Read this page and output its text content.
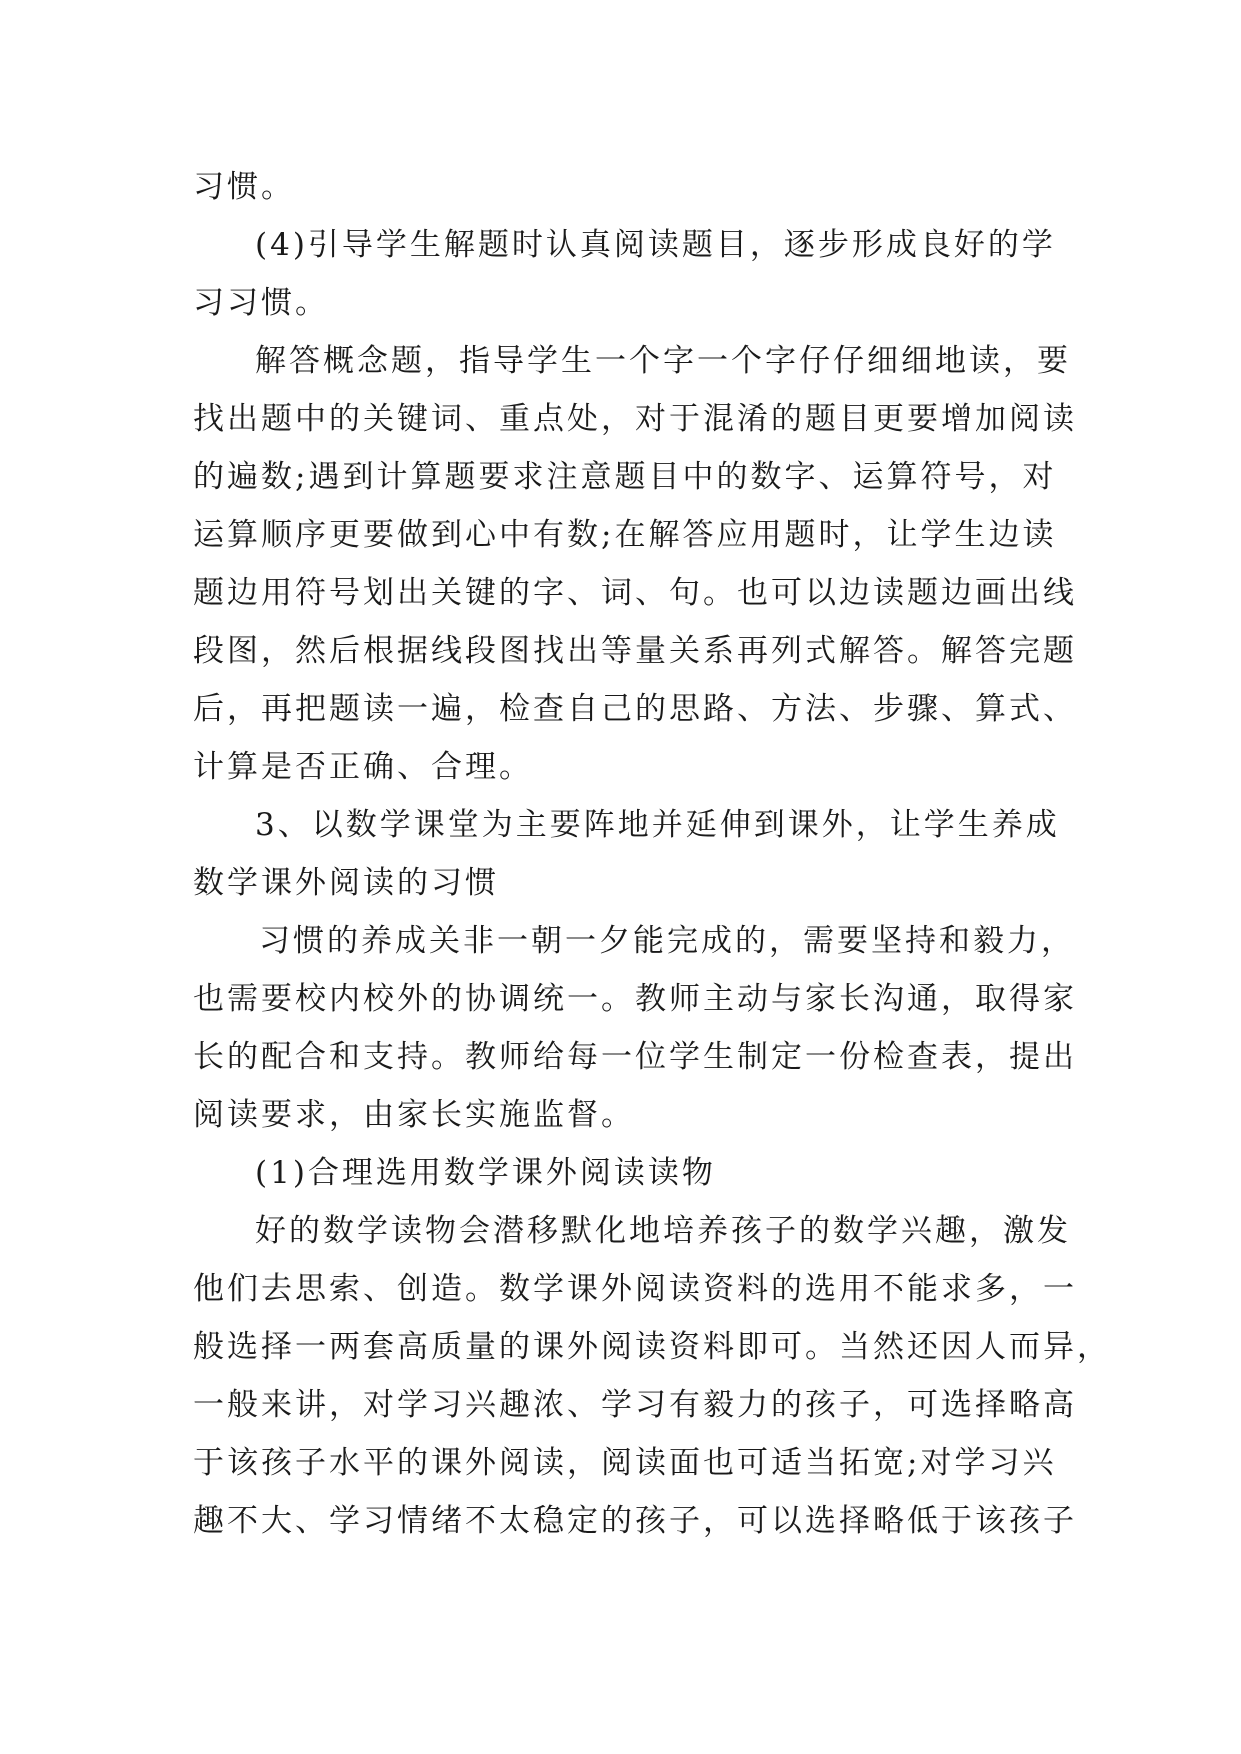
习惯。
(4)引导学生解题时认真阅读题目，逐步形成良好的学
习习惯。
解答概念题，指导学生一个字一个字仔仔细细地读，要
找出题中的关键词、重点处，对于混淆的题目更要增加阅读
的遍数;遇到计算题要求注意题目中的数字、运算符号，对
运算顺序更要做到心中有数;在解答应用题时，让学生边读
题边用符号划出关键的字、词、句。也可以边读题边画出线
段图，然后根据线段图找出等量关系再列式解答。解答完题
后，再把题读一遍，检查自己的思路、方法、步骤、算式、
计算是否正确、合理。
3、以数学课堂为主要阵地并延伸到课外，让学生养成
数学课外阅读的习惯
习惯的养成关非一朝一夕能完成的，需要坚持和毅力，
也需要校内校外的协调统一。教师主动与家长沟通，取得家
长的配合和支持。教师给每一位学生制定一份检查表，提出
阅读要求，由家长实施监督。
(1)合理选用数学课外阅读读物
好的数学读物会潜移默化地培养孩子的数学兴趣，激发
他们去思索、创造。数学课外阅读资料的选用不能求多，一
般选择一两套高质量的课外阅读资料即可。当然还因人而异，
一般来讲，对学习兴趣浓、学习有毅力的孩子，可选择略高
于该孩子水平的课外阅读，阅读面也可适当拓宽;对学习兴
趣不大、学习情绪不太稳定的孩子，可以选择略低于该孩子
